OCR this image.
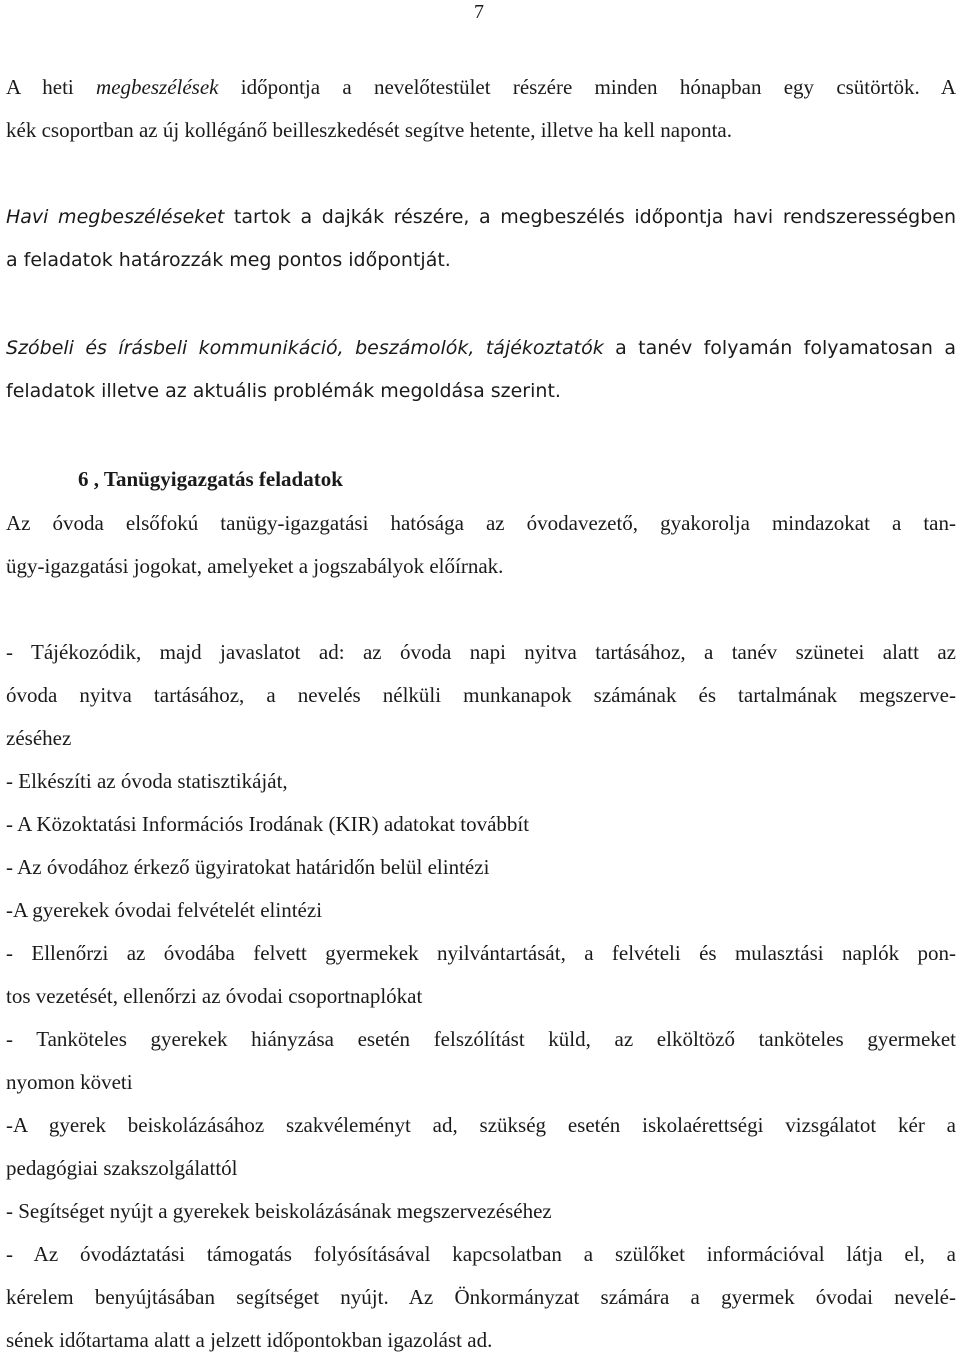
7

A heti megbeszélések időpontja a nevelőtestület részére minden hónapban egy csütörtök. A
kék csoportban az új kollégánő beilleszkedését segítve hetente, illetve ha kell naponta.

Havi megbeszéléseket tartok a dajkák részére, a megbeszélés időpontja havi rendszerességben
a feladatok határozzák meg pontos időpontját.

Szóbeli és írásbeli kommunikáció, beszámolók, tájékoztatók a tanév folyamán folyamatosan a
feladatok illetve az aktuális problémák megoldása szerint.

6 , Tanügyigazgatás feladatok

Az óvoda elsőfokú tanügy-igazgatási hatósága az óvodavezető, gyakorolja mindazokat a tan-
ügy-igazgatási jogokat, amelyeket a jogszabályok előírnak.

- Tájékozódik, majd javaslatot ad: az óvoda napi nyitva tartásához, a tanév szünetei alatt az
óvoda nyitva tartásához, a nevelés nélküli munkanapok számának és tartalmának megszerve-
zéséhez
- Elkészíti az óvoda statisztikáját,
- A Közoktatási Információs Irodának (KIR) adatokat továbbít
- Az óvodához érkező ügyiratokat határidőn belül elintézi
-A gyerekek óvodai felvételét elintézi
- Ellenőrzi az óvodába felvett gyermekek nyilvántartását, a felvételi és mulasztási naplók pon-
tos vezetését, ellenőrzi az óvodai csoportnaplókat
- Tanköteles gyerekek hiányzása esetén felszólítást küld, az elköltöző tanköteles gyermeket
nyomon követi
-A gyerek beiskolázásához szakvéleményt ad, szükség esetén iskolaérettségi vizsgálatot kér a
pedagógiai szakszolgálattól
- Segítséget nyújt a gyerekek beiskolázásának megszervezéséhez
- Az óvodáztatási támogatás folyósításával kapcsolatban a szülőket információval látja el, a
kérelem benyújtásában segítséget nyújt. Az Önkormányzat számára a gyermek óvodai nevelé-
sének időtartama alatt a jelzett időpontokban igazolást ad.
